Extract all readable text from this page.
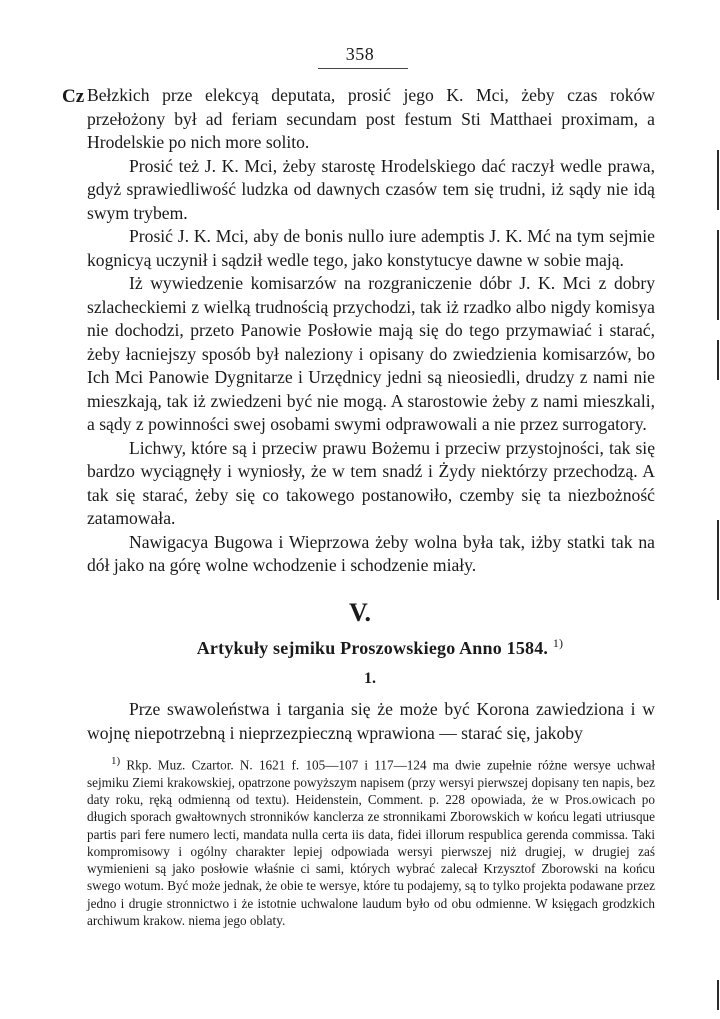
358
Cz Bełzkich prze elekcyą deputata, prosić jego K. Mci, żeby czas roków przełożony był ad feriam secundam post festum Sti Matthaei proximam, a Hrodelskie po nich more solito.

Prosić też J. K. Mci, żeby starostę Hrodelskiego dać raczył wedle prawa, gdyż sprawiedliwość ludzka od dawnych czasów tem się trudni, iż sądy nie idą swym trybem.

Prosić J. K. Mci, aby de bonis nullo iure ademptis J. K. Mć na tym sejmie kognicyą uczynił i sądził wedle tego, jako konstytucye dawne w sobie mają.

Iż wywiedzenie komisarzów na rozgraniczenie dóbr J. K. Mci z dobry szlacheckiemi z wielką trudnością przychodzi, tak iż rzadko albo nigdy komisya nie dochodzi, przeto Panowie Posłowie mają się do tego przymawiać i starać, żeby łacniejszy sposób był naleziony i opisany do zwiedzienia komisarzów, bo Ich Mci Panowie Dygnitarze i Urzędnicy jedni są nieosiedli, drudzy z nami nie mieszkają, tak iż zwiedzeni być nie mogą. A starostowie żeby z nami mieszkali, a sądy z powinności swej osobami swymi odprawowali a nie przez surrogatory.

Lichwy, które są i przeciw prawu Bożemu i przeciw przystojności, tak się bardzo wyciągnęły i wyniosły, że w tem snadź i Żydy niektórzy przechodzą. A tak się starać, żeby się co takowego postanowiło, czemby się ta niezbożność zatamowała.

Nawigacya Bugowa i Wieprzowa żeby wolna była tak, iżby statki tak na dół jako na górę wolne wchodzenie i schodzenie miały.

V.
Artykuły sejmiku Proszowskiego Anno 1584. $^{1)}$
1.

Prze swawoleństwa i targania się że może być Korona zawiedziona i w wojnę niepotrzebną i nieprzezpieczną wprawiona — starać się, jakoby

$^{1)}$ Rkp. Muz. Czartor. N. 1621 f. 105—107 i 117—124 ma dwie zupełnie różne wersye uchwał sejmiku Ziemi krakowskiej, opatrzone powyższym napisem (przy wersyi pierwszej dopisany ten napis, bez daty roku, ręką odmienną od textu). Heidenstein, Comment. p. 228 opowiada, że w Pros.owicach po długich sporach gwałtownych stronników kanclerza ze stronnikami Zborowskich w końcu legati utriusque partis pari fere numero lecti, mandata nulla certa iis data, fidei illorum respublica gerenda commissa. Taki kompromisowy i ogólny charakter lepiej odpowiada wersyi pierwszej niż drugiej, w drugiej zaś wymienieni są jako posłowie właśnie ci sami, których wybrać zalecał Krzysztof Zborowski na końcu swego wotum. Być może jednak, że obie te wersye, które tu podajemy, są to tylko projekta podawane przez jedno i drugie stronnictwo i że istotnie uchwalone laudum było od obu odmienne. W księgach grodzkich archiwum krakow. niema jego oblaty.
